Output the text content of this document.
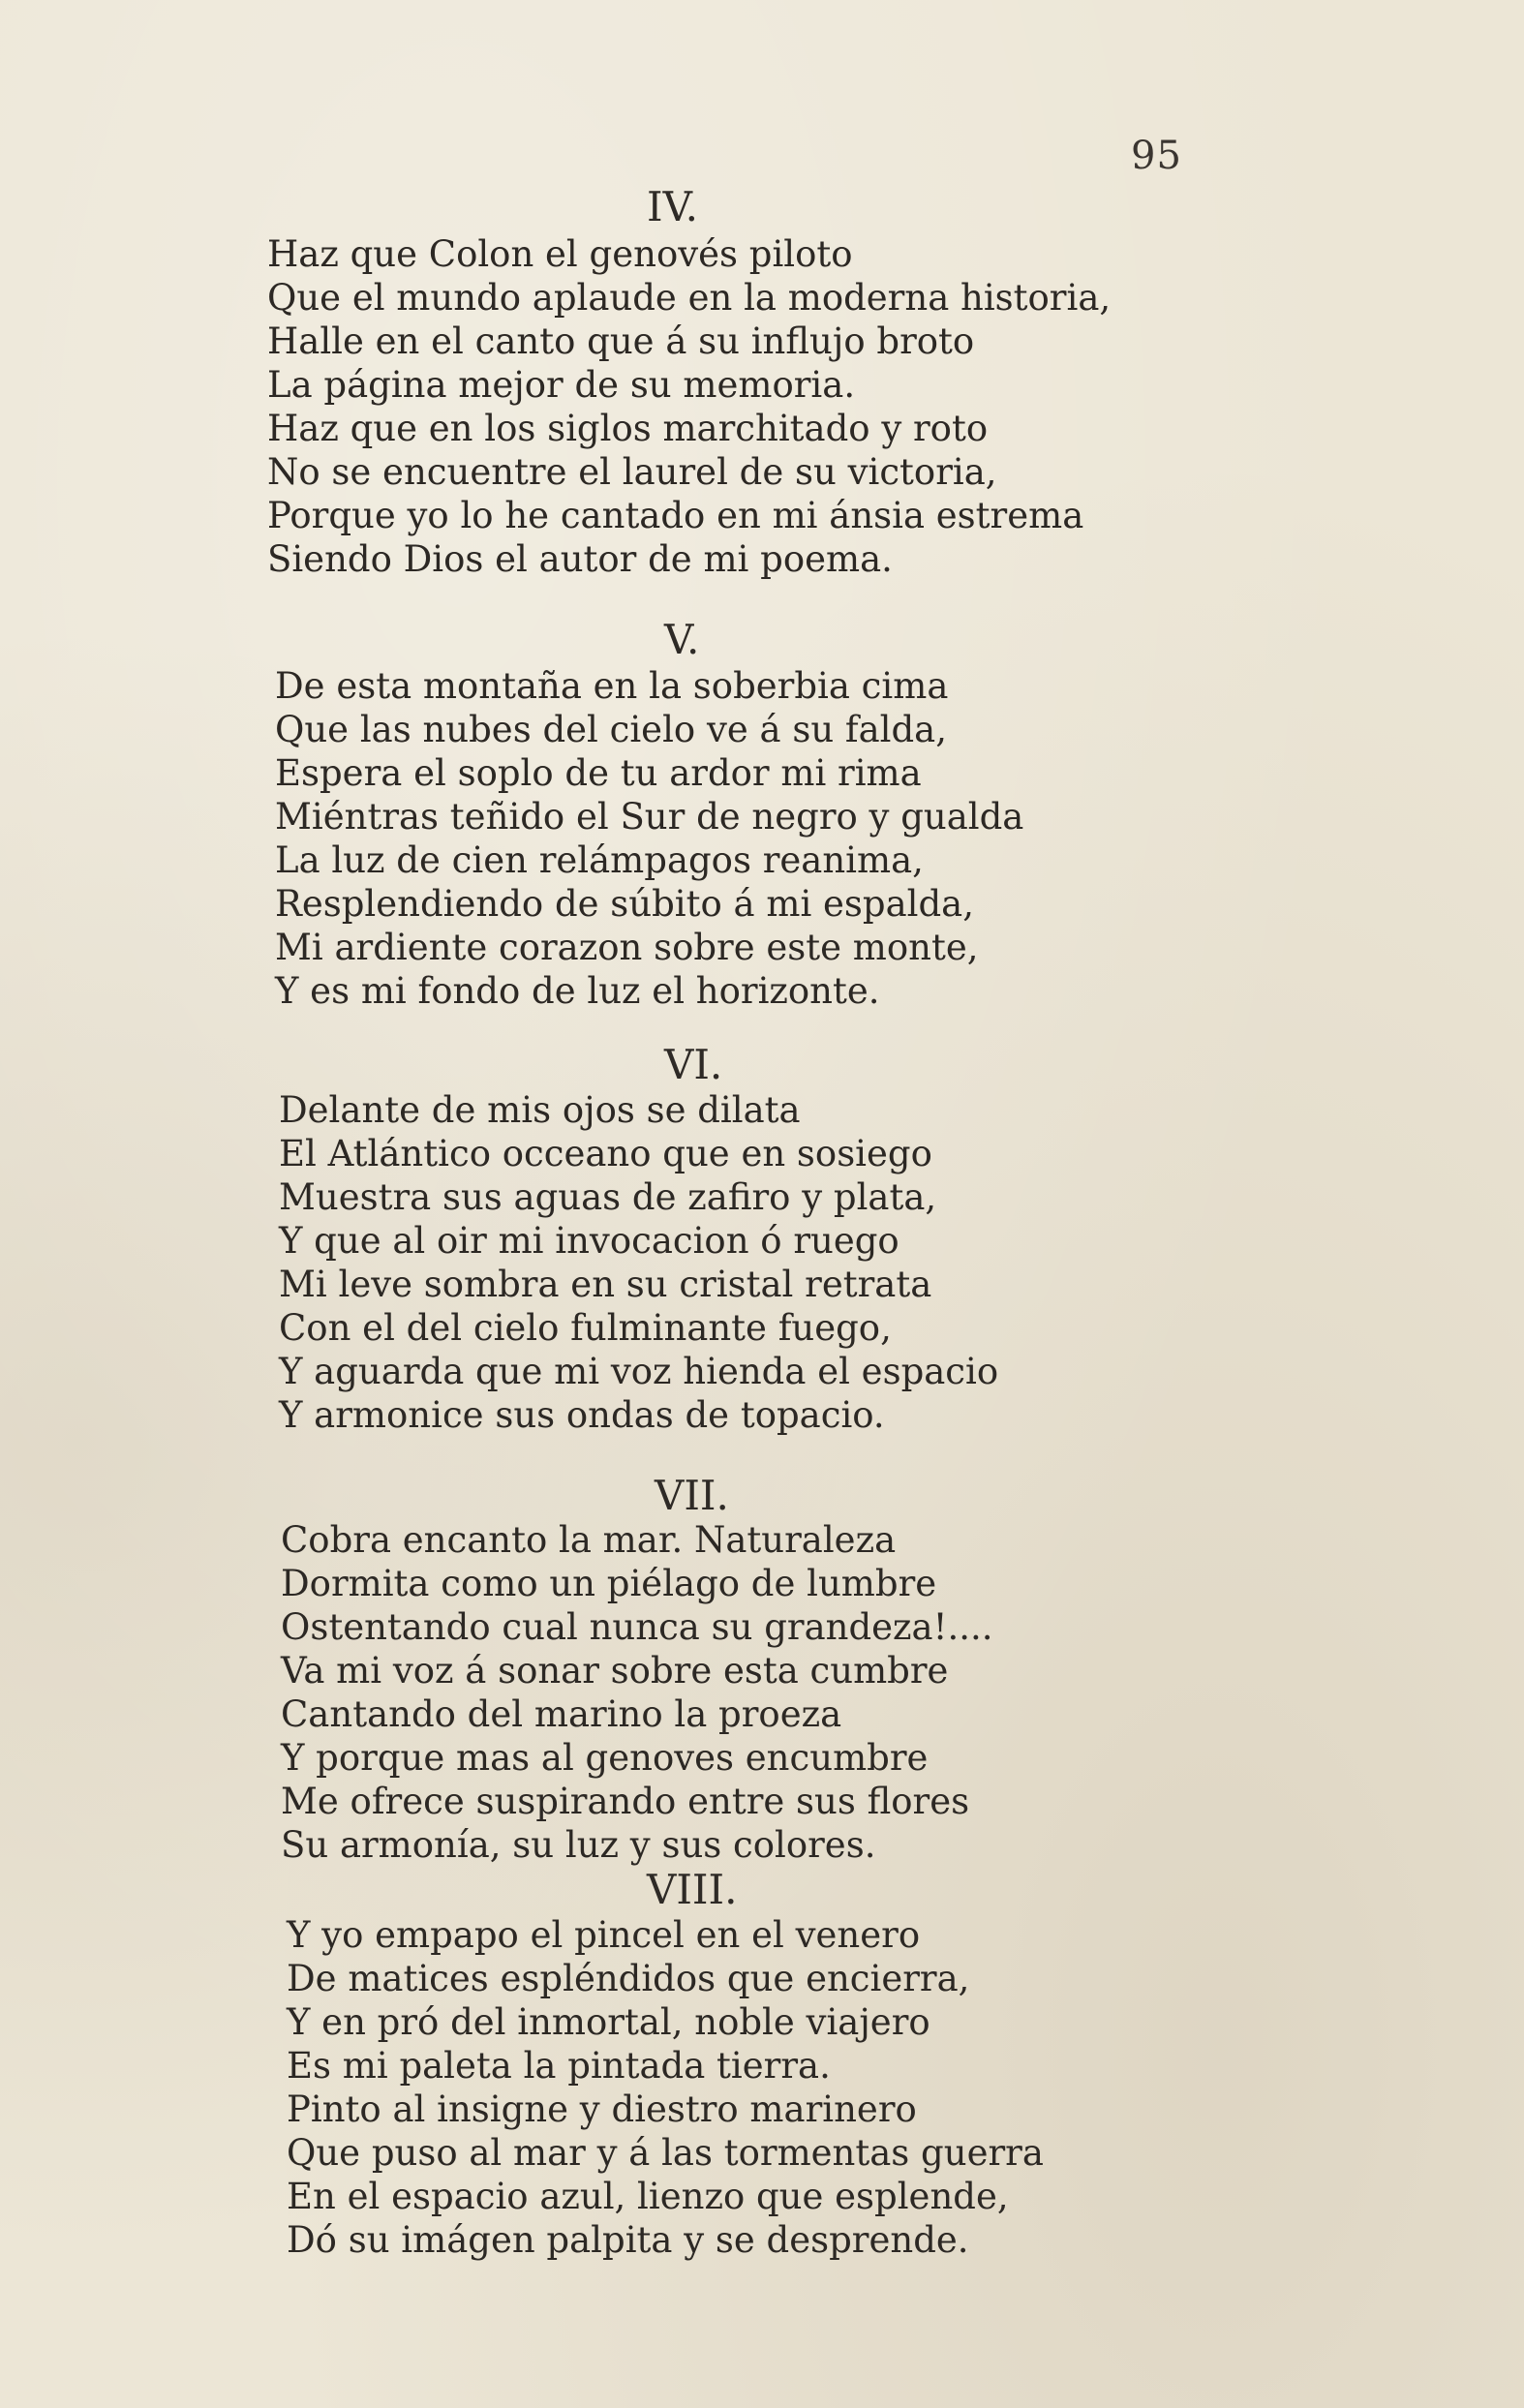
95
IV.
Haz que Colon el genovés piloto
Que el mundo aplaude en la moderna historia,
Halle en el canto que á su influjo broto
La página mejor de su memoria.
Haz que en los siglos marchitado y roto
No se encuentre el laurel de su victoria,
Porque yo lo he cantado en mi ánsia estrema
Siendo Dios el autor de mi poema.
V.
De esta montaña en la soberbia cima
Que las nubes del cielo ve á su falda,
Espera el soplo de tu ardor mi rima
Miéntras teñido el Sur de negro y gualda
La luz de cien relámpagos reanima,
Resplendiendo de súbito á mi espalda,
Mi ardiente corazon sobre este monte,
Y es mi fondo de luz el horizonte.
VI.
Delante de mis ojos se dilata
El Atlántico occeano que en sosiego
Muestra sus aguas de zafiro y plata,
Y que al oir mi invocacion ó ruego
Mi leve sombra en su cristal retrata
Con el del cielo fulminante fuego,
Y aguarda que mi voz hienda el espacio
Y armonice sus ondas de topacio.
VII.
Cobra encanto la mar. Naturaleza
Dormita como un piélago de lumbre
Ostentando cual nunca su grandeza!....
Va mi voz á sonar sobre esta cumbre
Cantando del marino la proeza
Y porque mas al genoves encumbre
Me ofrece suspirando entre sus flores
Su armonía, su luz y sus colores.
VIII.
Y yo empapo el pincel en el venero
De matices espléndidos que encierra,
Y en pró del inmortal, noble viajero
Es mi paleta la pintada tierra.
Pinto al insigne y diestro marinero
Que puso al mar y á las tormentas guerra
En el espacio azul, lienzo que esplende,
Dó su imágen palpita y se desprende.
